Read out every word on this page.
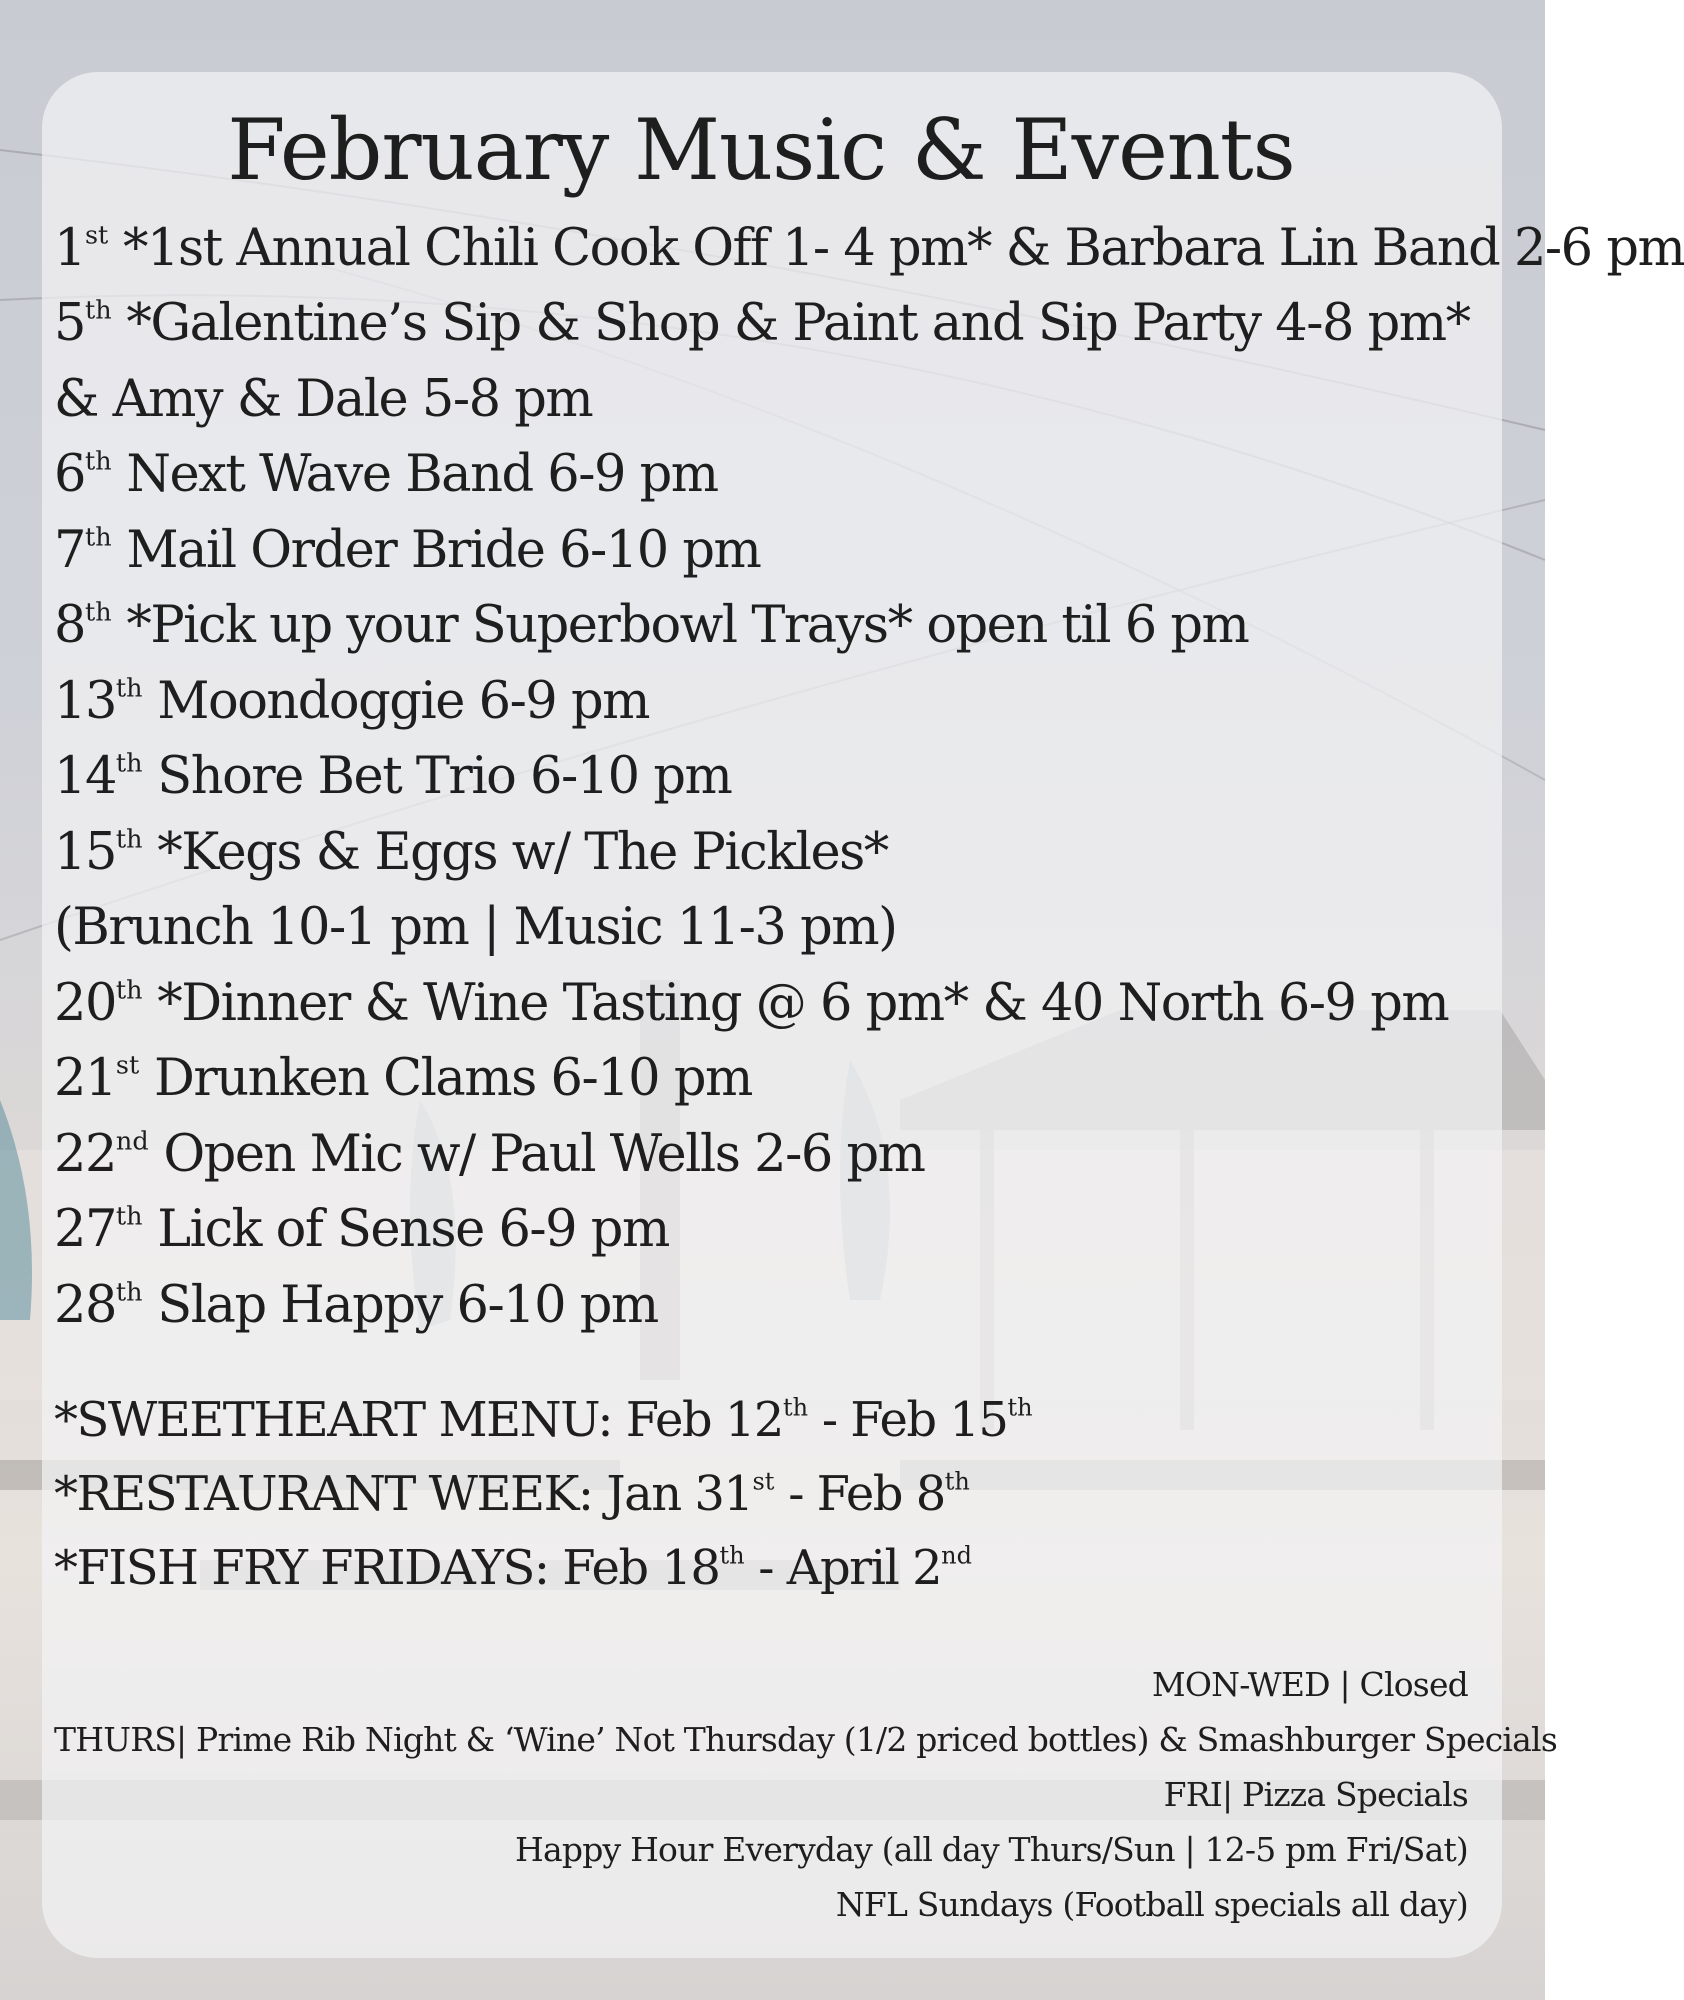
February Music & Events
1st *1st Annual Chili Cook Off 1- 4 pm* & Barbara Lin Band 2-6 pm
5th *Galentine’s Sip & Shop & Paint and Sip Party 4-8 pm*
& Amy & Dale 5-8 pm
6th Next Wave Band 6-9 pm
7th Mail Order Bride 6-10 pm
8th *Pick up your Superbowl Trays* open til 6 pm
13th Moondoggie 6-9 pm
14th Shore Bet Trio 6-10 pm
15th *Kegs & Eggs w/ The Pickles*
(Brunch 10-1 pm | Music 11-3 pm)
20th *Dinner & Wine Tasting @ 6 pm* & 40 North 6-9 pm
21st Drunken Clams 6-10 pm
22nd Open Mic w/ Paul Wells 2-6 pm
27th Lick of Sense 6-9 pm
28th Slap Happy 6-10 pm
*SWEETHEART MENU: Feb 12th - Feb 15th
*RESTAURANT WEEK: Jan 31st - Feb 8th
*FISH FRY FRIDAYS: Feb 18th - April 2nd
MON-WED | Closed
THURS| Prime Rib Night & ‘Wine’ Not Thursday (1/2 priced bottles) & Smashburger Specials
FRI| Pizza Specials
Happy Hour Everyday (all day Thurs/Sun | 12-5 pm Fri/Sat)
NFL Sundays (Football specials all day)
